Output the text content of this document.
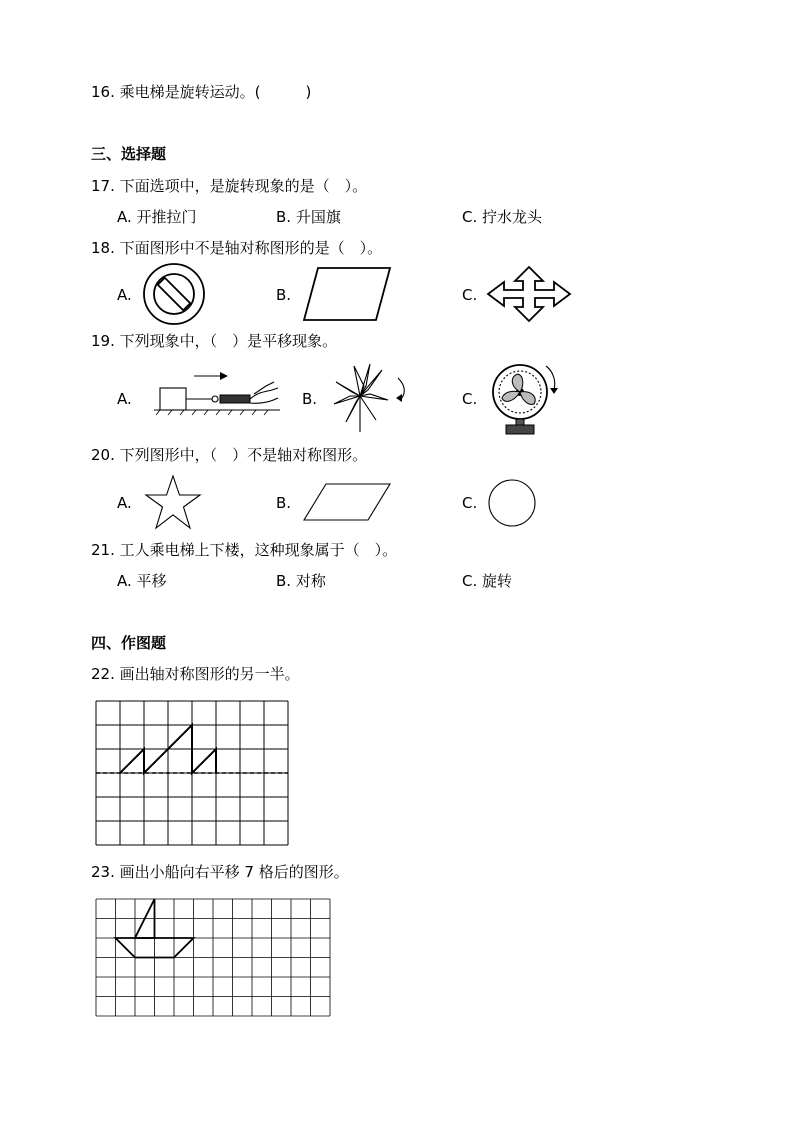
16. 乘电梯是旋转运动。(　　　)
三、选择题
17. 下面选项中，是旋转现象的是（　）。
A. 开推拉门	B. 升国旗	C. 拧水龙头
18. 下面图形中不是轴对称图形的是（　）。
A.	B.	C.
19. 下列现象中，（　）是平移现象。
A.	B.	C.
20. 下列图形中，（　）不是轴对称图形。
A.	B.	C.
21. 工人乘电梯上下楼，这种现象属于（　）。
A. 平移	B. 对称	C. 旋转
四、作图题
22. 画出轴对称图形的另一半。
23. 画出小船向右平移 7 格后的图形。
